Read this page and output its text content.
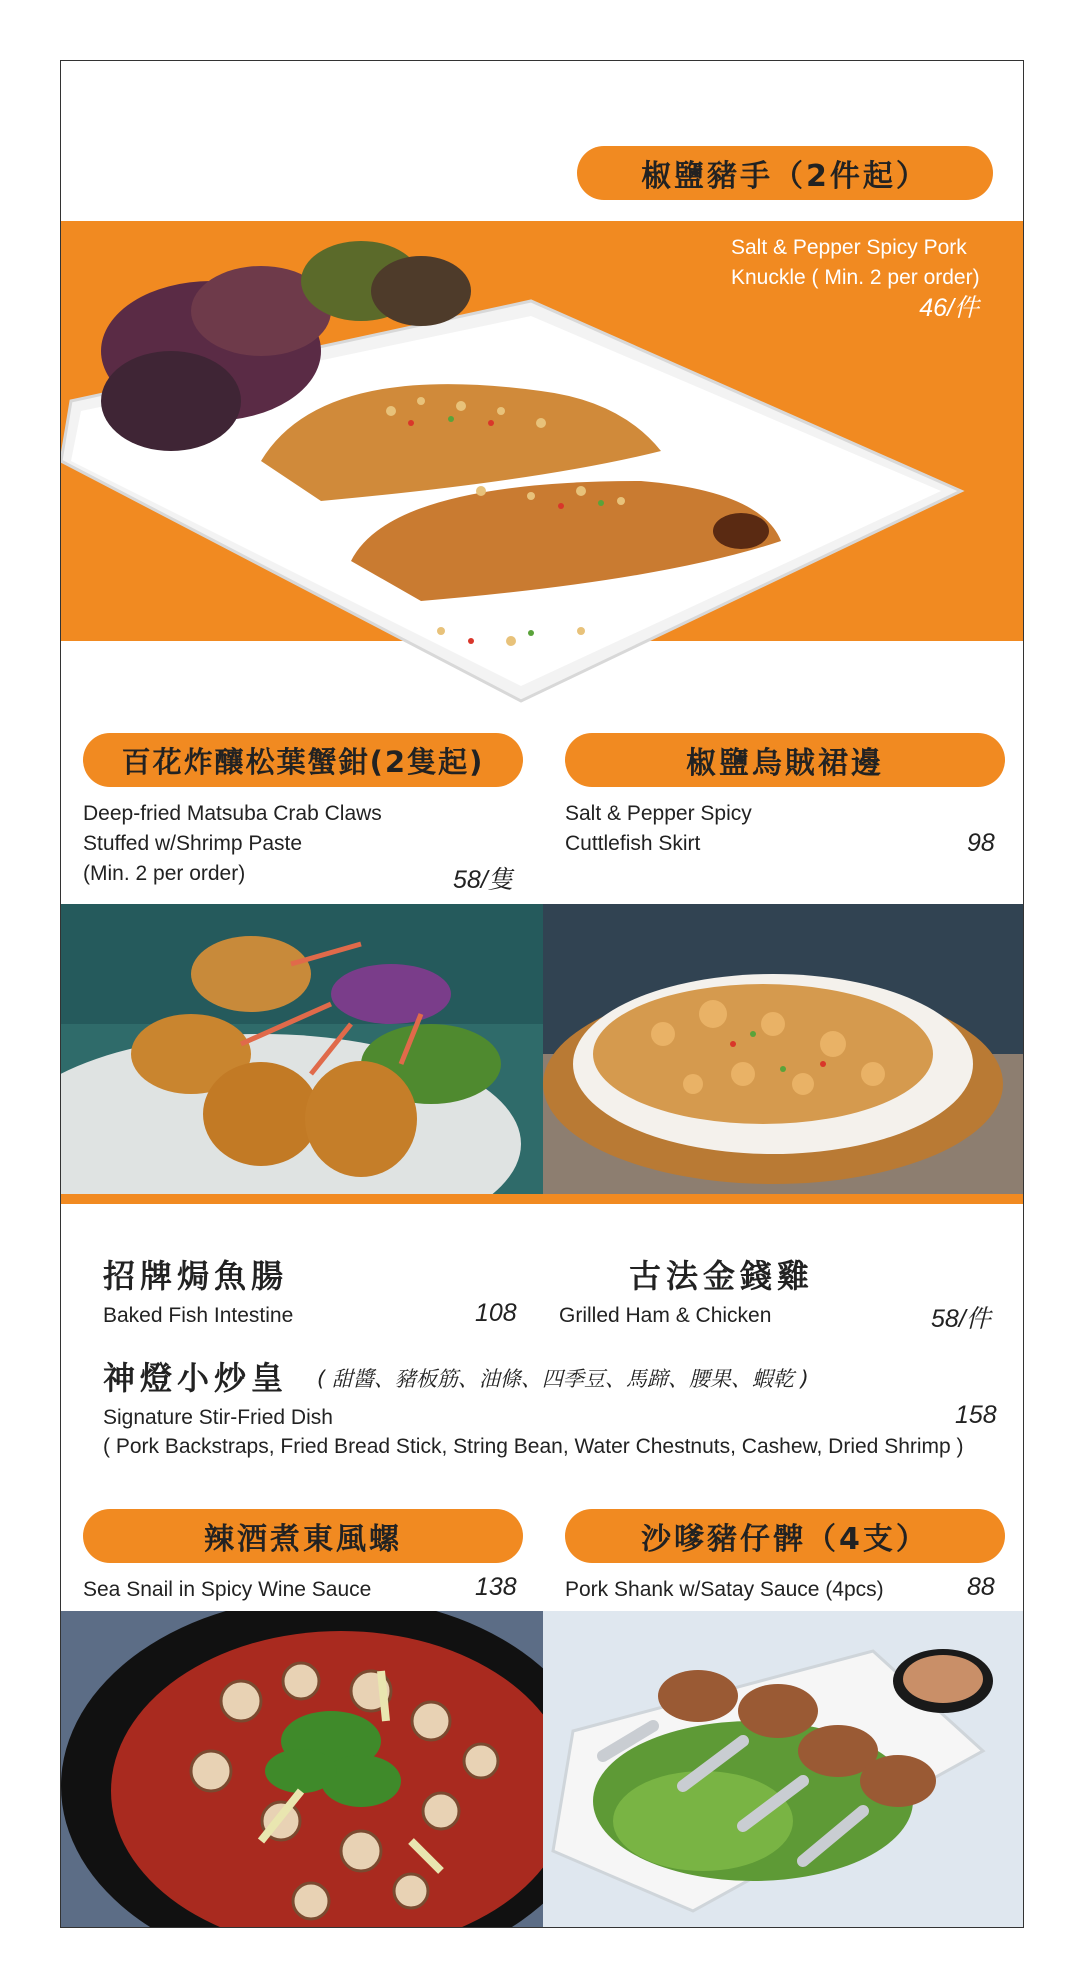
椒鹽豬手（2件起）
Salt & Pepper Spicy Pork
Knuckle ( Min. 2 per order)
46/件
百花炸釀松葉蟹鉗(2隻起)
Deep-fried Matsuba Crab Claws
Stuffed w/Shrimp Paste
(Min. 2 per order)	58/隻
椒鹽烏賊裙邊
Salt & Pepper Spicy
Cuttlefish Skirt	98
招牌焗魚腸
Baked Fish Intestine	108
古法金錢雞
Grilled Ham & Chicken	58/件
神燈小炒皇 ( 甜醬、豬板筋、油條、四季豆、馬蹄、腰果、蝦乾 )
Signature Stir-Fried Dish	158
( Pork Backstraps, Fried Bread Stick, String Bean, Water Chestnuts, Cashew, Dried Shrimp )
辣酒煮東風螺
Sea Snail in Spicy Wine Sauce	138
沙嗲豬仔髀（4支）
Pork Shank w/Satay Sauce (4pcs)	88
